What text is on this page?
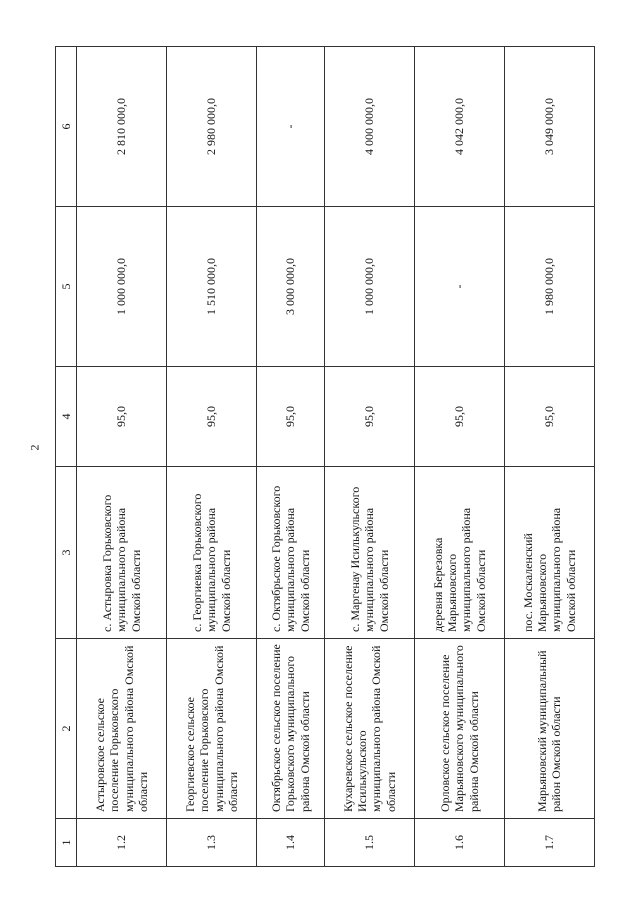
2
1	2	3	4	5	6
1.2	Астыровское сельское поселение Горьковского муниципального района Омской области	с. Астыровка Горьковского муниципального района Омской области	95,0	1 000 000,0	2 810 000,0
1.3	Георгиевское сельское поселение Горьковского муниципального района Омской области	с. Георгиевка Горьковского муниципального района Омской области	95,0	1 510 000,0	2 980 000,0
1.4	Октябрьское сельское поселение Горьковского муниципального района Омской области	с. Октябрьское Горьковского муниципального района Омской области	95,0	3 000 000,0	-
1.5	Кухаревское сельское поселение Исилькульского муниципального района Омской области	с. Маргенау Исилькульского муниципального района Омской области	95,0	1 000 000,0	4 000 000,0
1.6	Орловское сельское поселение Марьяновского муниципального района Омской области	деревня Березовка Марьяновского муниципального района Омской области	95,0	-	4 042 000,0
1.7	Марьяновский муниципальный район Омской области	пос. Москаленский Марьяновского муниципального района Омской области	95,0	1 980 000,0	3 049 000,0
